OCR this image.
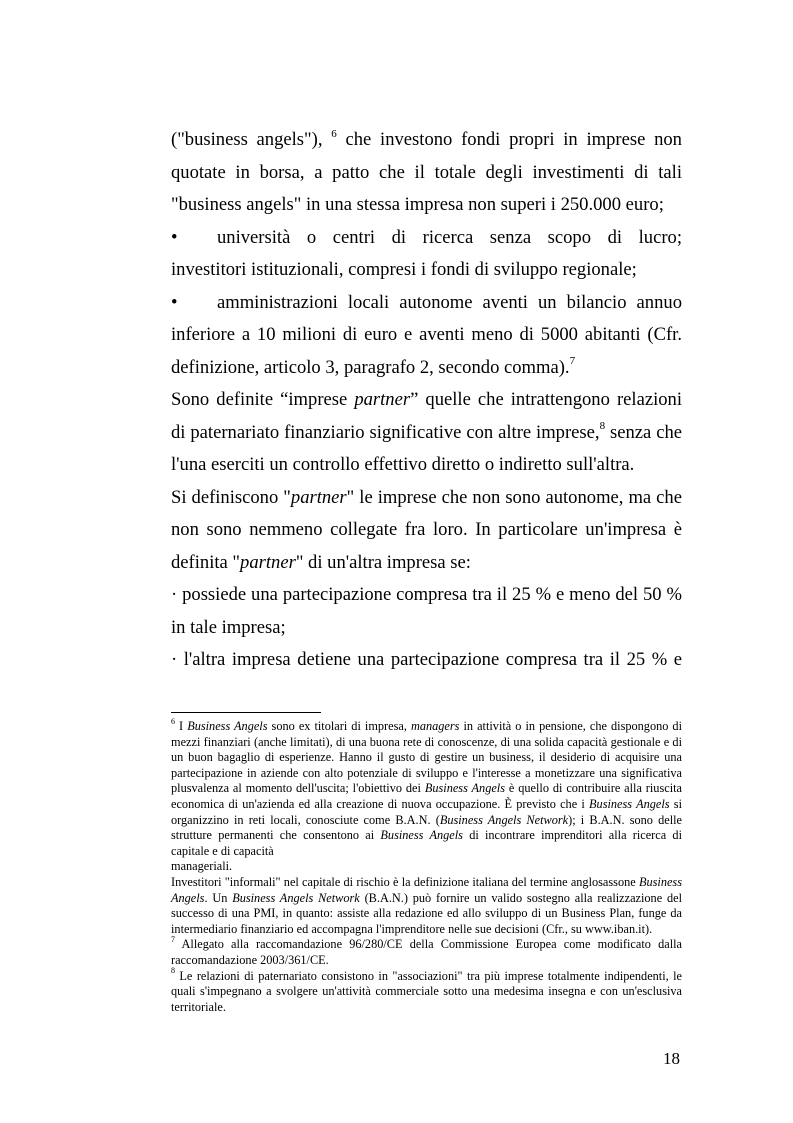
("business angels"), $^6$ che investono fondi propri in imprese non quotate in borsa, a patto che il totale degli investimenti di tali "business angels" in una stessa impresa non superi i 250.000 euro;

•	università o centri di ricerca senza scopo di lucro;

investitori istituzionali, compresi i fondi di sviluppo regionale;

•	amministrazioni locali autonome aventi un bilancio annuo

inferiore a 10 milioni di euro e aventi meno di 5000 abitanti (Cfr. definizione, articolo 3, paragrafo 2, secondo comma).$^7$

Sono definite “imprese partner” quelle che intrattengono relazioni di paternariato finanziario significative con altre imprese,$^8$ senza che l'una eserciti un controllo effettivo diretto o indiretto sull'altra.

Si definiscono "partner" le imprese che non sono autonome, ma che non sono nemmeno collegate fra loro. In particolare un'impresa è definita "partner" di un'altra impresa se:

· possiede una partecipazione compresa tra il 25 % e meno del 50 % in tale impresa;

· l'altra impresa detiene una partecipazione compresa tra il 25 % e

$^6$ I Business Angels sono ex titolari di impresa, managers in attività o in pensione, che dispongono di mezzi finanziari (anche limitati), di una buona rete di conoscenze, di una solida capacità gestionale e di un buon bagaglio di esperienze. Hanno il gusto di gestire un business, il desiderio di acquisire una partecipazione in aziende con alto potenziale di sviluppo e l'interesse a monetizzare una significativa plusvalenza al momento dell'uscita; l'obiettivo dei Business Angels è quello di contribuire alla riuscita economica di un'azienda ed alla creazione di nuova occupazione. È previsto che i Business Angels si organizzino in reti locali, conosciute come B.A.N. (Business Angels Network); i B.A.N. sono delle strutture permanenti che consentono ai Business Angels di incontrare imprenditori alla ricerca di capitale e di capacità

manageriali.

Investitori "informali" nel capitale di rischio è la definizione italiana del termine anglosassone Business Angels. Un Business Angels Network (B.A.N.) può fornire un valido sostegno alla realizzazione del successo di una PMI, in quanto: assiste alla redazione ed allo sviluppo di un Business Plan, funge da intermediario finanziario ed accompagna l'imprenditore nelle sue decisioni (Cfr., su www.iban.it).

$^7$ Allegato alla raccomandazione 96/280/CE della Commissione Europea come modificato dalla raccomandazione 2003/361/CE.

$^8$ Le relazioni di paternariato consistono in "associazioni" tra più imprese totalmente indipendenti, le quali s'impegnano a svolgere un'attività commerciale sotto una medesima insegna e con un'esclusiva territoriale.

18
